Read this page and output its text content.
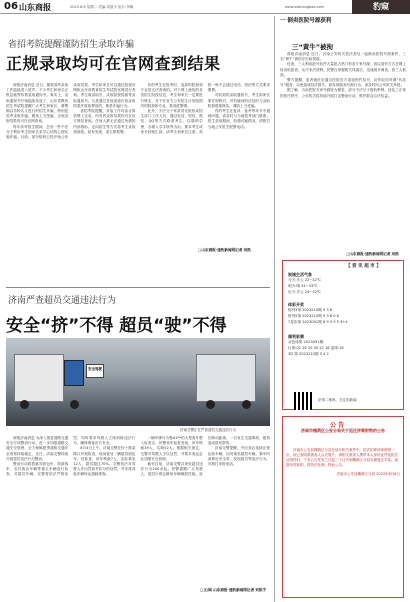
06 山东商报	2023.8.8 星期二 责编:刘凯宇 组计:李娜	www.sdshangbao.com	豹窥
省招考院提醒谨防招生录取诈骗
正规录取均可在官网查到结果

商报济南消息 近日，随着高考录取工作陆续进入尾声，不少考生和家长正焦急地等待着录取通知书。事实上，录取通知书开始陆续发放了，山东省教育招生考试院提醒广大考生和家长，要警惕以各种名义进行的招生诈骗，特别是高考录取诈骗，避免上当受骗，正规录取结果均可在官网查询。

每年高考招生期间，总有一些不法分子利用考生和家长求学心切的心理实施诈骗。目前，部分院校已经开始公布录取结果，考生和家长可以通过院校官网和山东省教育招生考试院官网进行查询。考生被录取后，录取院校将邮寄录取通知书。凡是通过其他渠道告知录取结果并收取费用的，都是诈骗行为。

省招考院提醒，录取工作均由计算机网上完成，所有的录取结果均可在官方网站查到。任何人都无法通过所谓的内部指标、定向招生等方式将考生录取到高校。如有发现，请立即报警。

有的考生在报考时，选择的院校和专业是无法查询的。对于网上流传的各类招生院校信息，考生和家长一定要进行核实，对不在官方公布招生计划范围内的院校和专业，要高度警惕。

此外，不法分子常常冒充院校或招生部门工作人员，通过电话、短信、微信、QQ等方式联系考生，以缴纳学费、办理入学手续等为由，要求考生或家长转账汇款。请考生和家长注意，高校一般不会通过电话、短信等方式要求缴费。

对收到的录取通知书，考生和家长要仔细核对，对有疑问的应及时与录取院校联系核实，谨防上当受骗。

有的考生在复读、备考等环节中遇到问题，请及时与当地招考部门联系。招生录取期间，如遇可疑情况，请拨打当地公安机关报警电话。

□山东商报·速豹新闻网记者 刘凯
济南严查超员交通违法行为
安全“挤”不得 超员“驶”不得
安全驾驶
济南交警正在严查超员交通违法行为

商报济南消息 为深入推进道路交通安全专项整治行动，进一步加强道路交通安全管理，全力保障夏季道路交通安全形势持续稳定，近日，济南交警持续开展超员违法行为整治。

整治行动将着重对面包车、旅游客车、农村客运车辆等重点车辆进行检查。对超员车辆，交警将依法严格处罚，同时要求驾驶人立即消除违法行为，确保乘客出行安全。

8月4日上午，济南交警在经十路某路口开展检查，现场查处一辆超员面包车。经检查，该车核载7人，实际乘坐12人，超员超过70%。交警依法对驾驶人作出罚款并扣分的处罚，并安排其他车辆转运超载乘客。

一辆车牌号为鲁A1**的大型客车驶入检查点，民警登车检查发现，该车核载39人，实载52人。根据相关规定，交警对驾驶人予以处罚，并要求客运企业加强安全管理。

截至目前，济南交警共查处超员违法行为200余起。民警提醒广大驾驶人，超员行驶会降低车辆操控性能，延长制动距离，一旦发生交通事故，极易造成群死群伤。

济南交警提醒，外出务必选择正规运营车辆，切勿乘坐超员车辆。乘车时请系好安全带，发现超员等违法行为，可拨打举报电话。

□文/图 山东商报·速豹新闻网记者 刘凯宇
一 倒卖医院号源获利
三“黄牛”被拘

商报济南消息 近日，济南公安机关依法查处一起倒卖医院号源案件，三名“黄牛”被依法行政拘留。

经查，三人利用抢号软件大量抢占热门科室专家号源，再以加价方式在网上转卖给患者，从中非法获利。民警在掌握相关线索后，迅速展开调查，将三人抓获。

警方提醒，患者就医应通过医院官方渠道预约挂号，切勿轻信所谓“代挂号”服务，以免造成经济损失。如发现倒卖号源行为，请及时向公安机关举报。

据了解，当前医院专家号源较为紧张，部分不法分子借机牟利，扰乱了正常的医疗秩序，公安机关将持续开展打击整治行动，维护群众合法权益。

□山东商报·速豹新闻网记者 刘凯
【 资 讯 超 市 】
视城生活气象
今天:多云 22~32℃
明天:晴 24~33℃
后天:多云 24~32℃
体彩开奖
排列3第 2023210期 9 3 6
排列5第 2023210期 9 3 6 0 6
7星彩第 2023091期 8 9 3 9 5 3+4
福利彩票
双色球第 2023091期:
红球:02 26 20 30 22 16 蓝球:16
3D 第 2023210期 3 4 2
识别二维码，关注豹新闻
公 告
济南市槐荫区公安分局关于返还涉案财物的公告

济南市公安局槐荫区分局在侦办相关案件中，依法扣押涉案财物一宗，现已查明系被害人合法财产。请相关被害人携带本人身份证件及相关证明材料，于本公告发布之日起三十日内到槐荫区分局办理返还手续。逾期未领取的，将依法处理。特此公告。

济南市公安局槐荫区分局 2023年8月8日
